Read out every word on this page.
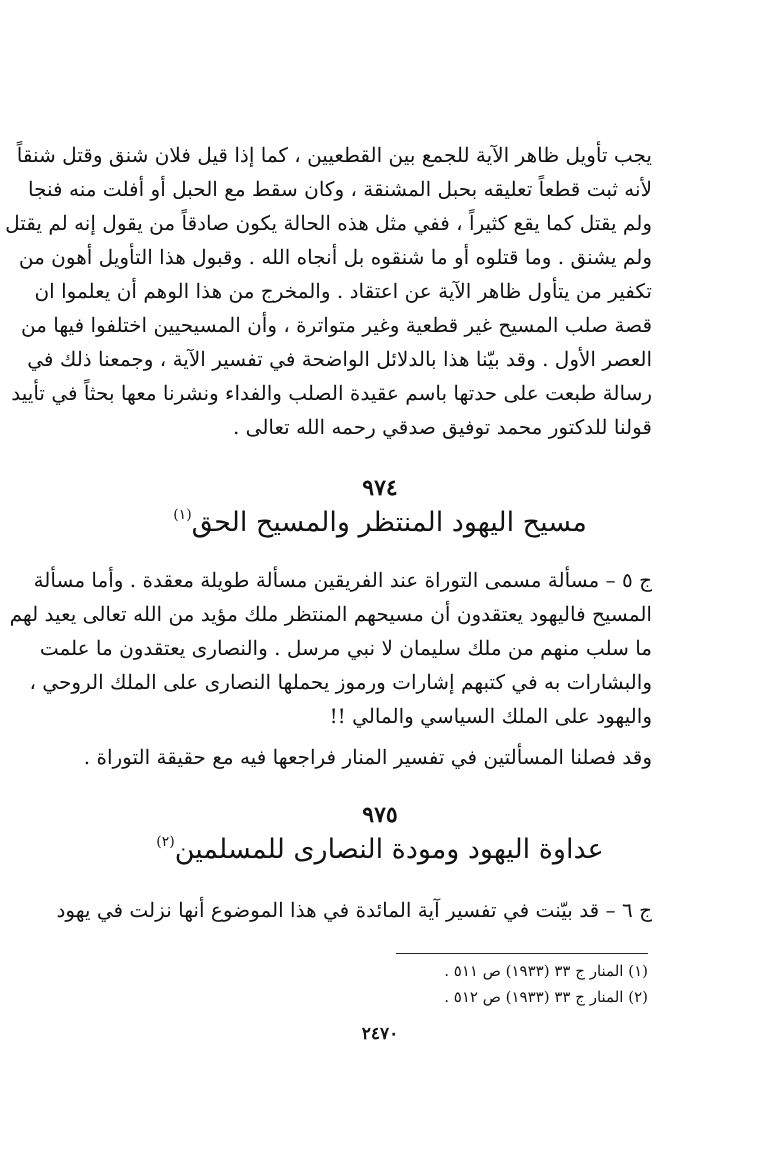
يجب تأويل ظاهر الآية للجمع بين القطعيين ، كما إذا قيل فلان شنق وقتل شنقاً
لأنه ثبت قطعاً تعليقه بحبل المشنقة ، وكان سقط مع الحبل أو أفلت منه فنجا
ولم يقتل كما يقع كثيراً ، ففي مثل هذه الحالة يكون صادقاً من يقول إنه لم يقتل
ولم يشنق . وما قتلوه أو ما شنقوه بل أنجاه الله . وقبول هذا التأويل أهون من
تكفير من يتأول ظاهر الآية عن اعتقاد . والمخرج من هذا الوهم أن يعلموا ان
قصة صلب المسيح غير قطعية وغير متواترة ، وأن المسيحيين اختلفوا فيها من
العصر الأول . وقد بيّنا هذا بالدلائل الواضحة في تفسير الآية ، وجمعنا ذلك في
رسالة طبعت على حدتها باسم عقيدة الصلب والفداء ونشرنا معها بحثاً في تأييد
قولنا للدكتور محمد توفيق صدقي رحمه الله تعالى .
٩٧٤
مسيح اليهود المنتظر والمسيح الحق$^{(١)}$
ج ٥ – مسألة مسمى التوراة عند الفريقين مسألة طويلة معقدة . وأما مسألة
المسيح فاليهود يعتقدون أن مسيحهم المنتظر ملك مؤيد من الله تعالى يعيد لهم
ما سلب منهم من ملك سليمان لا نبي مرسل . والنصارى يعتقدون ما علمت
والبشارات به في كتبهم إشارات ورموز يحملها النصارى على الملك الروحي ،
واليهود على الملك السياسي والمالي !!
وقد فصلنا المسألتين في تفسير المنار فراجعها فيه مع حقيقة التوراة .
٩٧٥
عداوة اليهود ومودة النصارى للمسلمين$^{(٢)}$
ج ٦ – قد بيّنت في تفسير آية المائدة في هذا الموضوع أنها نزلت في يهود
(١) المنار ج ٣٣ (١٩٣٣) ص ٥١١ .
(٢) المنار ج ٣٣ (١٩٣٣) ص ٥١٢ .
٢٤٧٠
